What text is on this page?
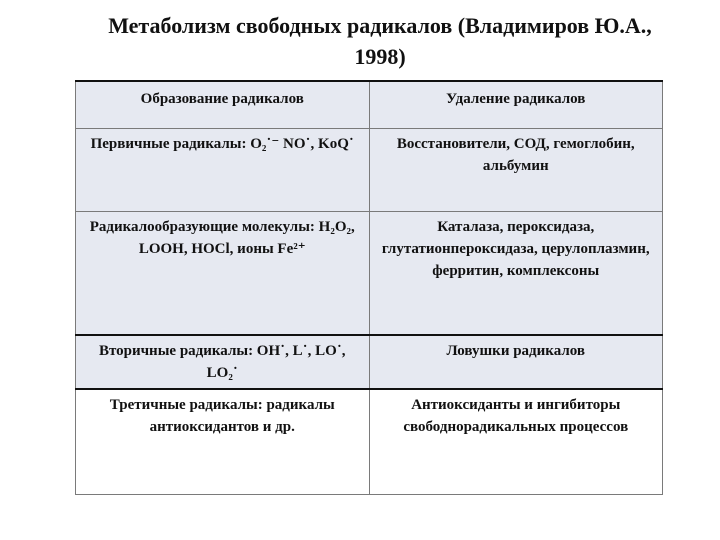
Метаболизм свободных радикалов (Владимиров Ю.А.,
1998)
Образование радикалов	Удаление радикалов
Первичные радикалы: O₂˙⁻ NO˙, KoQ˙	Восстановители, СОД, гемоглобин, альбумин
Радикалообразующие молекулы: H₂O₂, LOOH, HOCl, ионы Fe²⁺	Каталаза, пероксидаза, глутатионпероксидаза, церулоплазмин, ферритин, комплексоны
Вторичные радикалы: OH˙, L˙, LO˙, LO₂˙	Ловушки радикалов
Третичные радикалы: радикалы антиоксидантов и др.	Антиоксиданты и ингибиторы свободнорадикальных процессов
